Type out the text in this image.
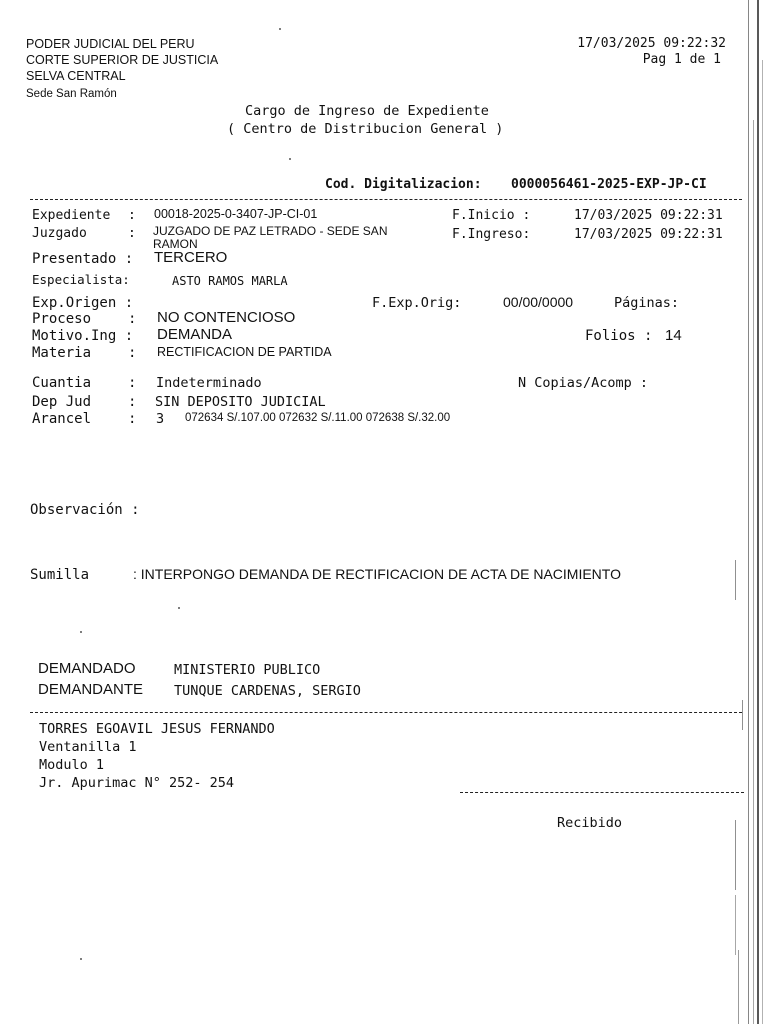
PODER JUDICIAL DEL PERU
CORTE SUPERIOR DE JUSTICIA
SELVA CENTRAL
Sede San Ramón
17/03/2025 09:22:32
Pag 1 de 1
Cargo de Ingreso de Expediente
( Centro de Distribucion General )
Cod. Digitalizacion: 0000056461-2025-EXP-JP-CI
Expediente : 00018-2025-0-3407-JP-CI-01	F.Inicio :	17/03/2025 09:22:31
Juzgado	: JUZGADO DE PAZ LETRADO - SEDE SAN
RAMON
F.Ingreso:	17/03/2025 09:22:31
Presentado : TERCERO
Especialista:	ASTO RAMOS MARLA
Exp.Origen :	F.Exp.Orig:	00/00/0000	Páginas:
Proceso	: NO CONTENCIOSO
Motivo.Ing : DEMANDA	Folios : 14
Materia	: RECTIFICACION DE PARTIDA
Cuantia	: Indeterminado	N Copias/Acomp :
Dep Jud	: SIN DEPOSITO JUDICIAL
Arancel	: 3 072634 S/.107.00 072632 S/.11.00 072638 S/.32.00
Observación :
Sumilla	: INTERPONGO DEMANDA DE RECTIFICACION DE ACTA DE NACIMIENTO
DEMANDADO	MINISTERIO PUBLICO
DEMANDANTE TUNQUE CARDENAS, SERGIO
TORRES EGOAVIL JESUS FERNANDO
Ventanilla 1
Modulo 1
Jr. Apurimac N° 252- 254
Recibido
